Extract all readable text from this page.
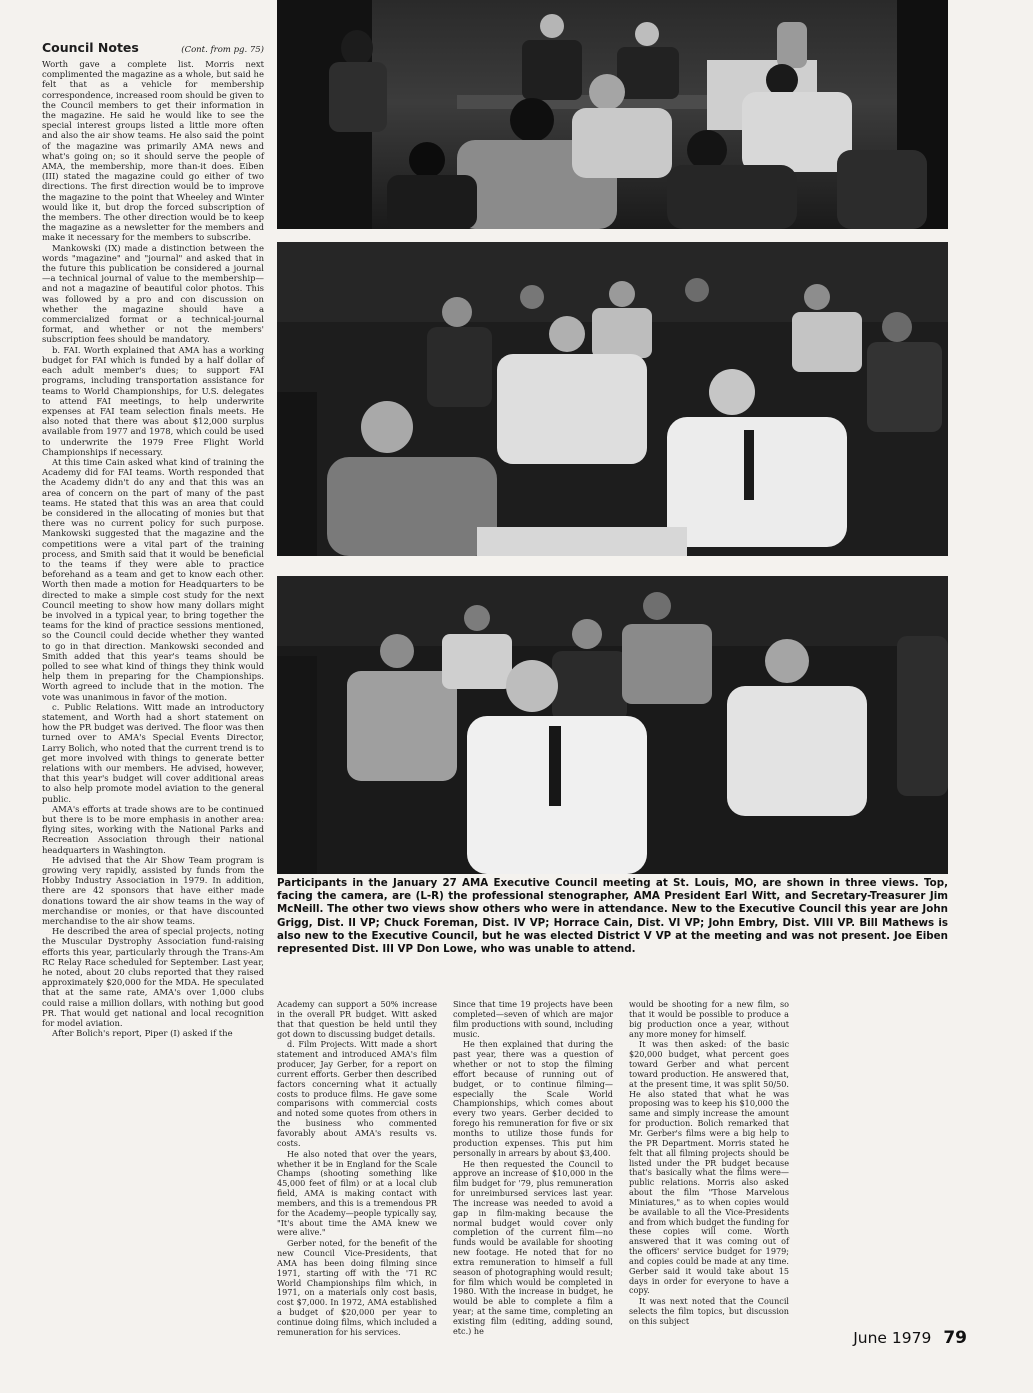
Council Notes	(Cont. from pg. 75)

Worth gave a complete list. Morris next complimented the magazine as a whole, but said he felt that as a vehicle for membership correspondence, increased room should be given to the Council members to get their information in the magazine. He said he would like to see the special interest groups listed a little more often and also the air show teams. He also said the point of the magazine was primarily AMA news and what's going on; so it should serve the people of AMA, the membership, more than-it does. Eiben (III) stated the magazine could go either of two directions. The first direction would be to improve the magazine to the point that Wheeley and Winter would like it, but drop the forced subscription of the members. The other direction would be to keep the magazine as a newsletter for the members and make it necessary for the members to subscribe.

Mankowski (IX) made a distinction between the words "magazine" and "journal" and asked that in the future this publication be considered a journal—a technical journal of value to the membership—and not a magazine of beautiful color photos. This was followed by a pro and con discussion on whether the magazine should have a commercialized format or a technical-journal format, and whether or not the members' subscription fees should be mandatory.

b. FAI. Worth explained that AMA has a working budget for FAI which is funded by a half dollar of each adult member's dues; to support FAI programs, including transportation assistance for teams to World Championships, for U.S. delegates to attend FAI meetings, to help underwrite expenses at FAI team selection finals meets. He also noted that there was about $12,000 surplus available from 1977 and 1978, which could be used to underwrite the 1979 Free Flight World Championships if necessary.

At this time Cain asked what kind of training the Academy did for FAI teams. Worth responded that the Academy didn't do any and that this was an area of concern on the part of many of the past teams. He stated that this was an area that could be considered in the allocating of monies but that there was no current policy for such purpose. Mankowski suggested that the magazine and the competitions were a vital part of the training process, and Smith said that it would be beneficial to the teams if they were able to practice beforehand as a team and get to know each other. Worth then made a motion for Headquarters to be directed to make a simple cost study for the next Council meeting to show how many dollars might be involved in a typical year, to bring together the teams for the kind of practice sessions mentioned, so the Council could decide whether they wanted to go in that direction. Mankowski seconded and Smith added that this year's teams should be polled to see what kind of things they think would help them in preparing for the Championships. Worth agreed to include that in the motion. The vote was unanimous in favor of the motion.

c. Public Relations. Witt made an introductory statement, and Worth had a short statement on how the PR budget was derived. The floor was then turned over to AMA's Special Events Director, Larry Bolich, who noted that the current trend is to get more involved with things to generate better relations with our members. He advised, however, that this year's budget will cover additional areas to also help promote model aviation to the general public.

AMA's efforts at trade shows are to be continued but there is to be more emphasis in another area: flying sites, working with the National Parks and Recreation Association through their national headquarters in Washington.

He advised that the Air Show Team program is growing very rapidly, assisted by funds from the Hobby Industry Association in 1979. In addition, there are 42 sponsors that have either made donations toward the air show teams in the way of merchandise or monies, or that have discounted merchandise to the air show teams.

He described the area of special projects, noting the Muscular Dystrophy Association fund-raising efforts this year, particularly through the Trans-Am RC Relay Race scheduled for September. Last year, he noted, about 20 clubs reported that they raised approximately $20,000 for the MDA. He speculated that at the same rate, AMA's over 1,000 clubs could raise a million dollars, with nothing but good PR. That would get national and local recognition for model aviation.

After Bolich's report, Piper (I) asked if the

Participants in the January 27 AMA Executive Council meeting at St. Louis, MO, are shown in three views. Top, facing the camera, are (L-R) the professional stenographer, AMA President Earl Witt, and Secretary-Treasurer Jim McNeill. The other two views show others who were in attendance. New to the Executive Council this year are John Grigg, Dist. II VP; Chuck Foreman, Dist. IV VP; Horrace Cain, Dist. VI VP; John Embry, Dist. VIII VP. Bill Mathews is also new to the Executive Council, but he was elected District V VP at the meeting and was not present. Joe Eiben represented Dist. III VP Don Lowe, who was unable to attend.

Academy can support a 50% increase in the overall PR budget. Witt asked that that question be held until they got down to discussing budget details.

d. Film Projects. Witt made a short statement and introduced AMA's film producer, Jay Gerber, for a report on current efforts. Gerber then described factors concerning what it actually costs to produce films. He gave some comparisons with commercial costs and noted some quotes from others in the business who commented favorably about AMA's results vs. costs.

He also noted that over the years, whether it be in England for the Scale Champs (shooting something like 45,000 feet of film) or at a local club field, AMA is making contact with members, and this is a tremendous PR for the Academy—people typically say, "It's about time the AMA knew we were alive."

Gerber noted, for the benefit of the new Council Vice-Presidents, that AMA has been doing filming since 1971, starting off with the '71 RC World Championships film which, in 1971, on a materials only cost basis, cost $7,000. In 1972, AMA established a budget of $20,000 per year to continue doing films, which included a remuneration for his services.

Since that time 19 projects have been completed—seven of which are major film productions with sound, including music.

He then explained that during the past year, there was a question of whether or not to stop the filming effort because of running out of budget, or to continue filming—especially the Scale World Championships, which comes about every two years. Gerber decided to forego his remuneration for five or six months to utilize those funds for production expenses. This put him personally in arrears by about $3,400.

He then requested the Council to approve an increase of $10,000 in the film budget for '79, plus remuneration for unreimbursed services last year. The increase was needed to avoid a gap in film-making because the normal budget would cover only completion of the current film—no funds would be available for shooting new footage. He noted that for no extra remuneration to himself a full season of photographing would result; for film which would be completed in 1980. With the increase in budget, he would be able to complete a film a year; at the same time, completing an existing film (editing, adding sound, etc.) he

would be shooting for a new film, so that it would be possible to produce a big production once a year, without any more money for himself.

It was then asked: of the basic $20,000 budget, what percent goes toward Gerber and what percent toward production. He answered that, at the present time, it was split 50/50. He also stated that what he was proposing was to keep his $10,000 the same and simply increase the amount for production. Bolich remarked that Mr. Gerber's films were a big help to the PR Department. Morris stated he felt that all filming projects should be listed under the PR budget because that's basically what the films were—public relations. Morris also asked about the film "Those Marvelous Miniatures," as to when copies would be available to all the Vice-Presidents and from which budget the funding for these copies will come. Worth answered that it was coming out of the officers' service budget for 1979; and copies could be made at any time. Gerber said it would take about 15 days in order for everyone to have a copy.

It was next noted that the Council selects the film topics, but discussion on this subject

June 1979 79
